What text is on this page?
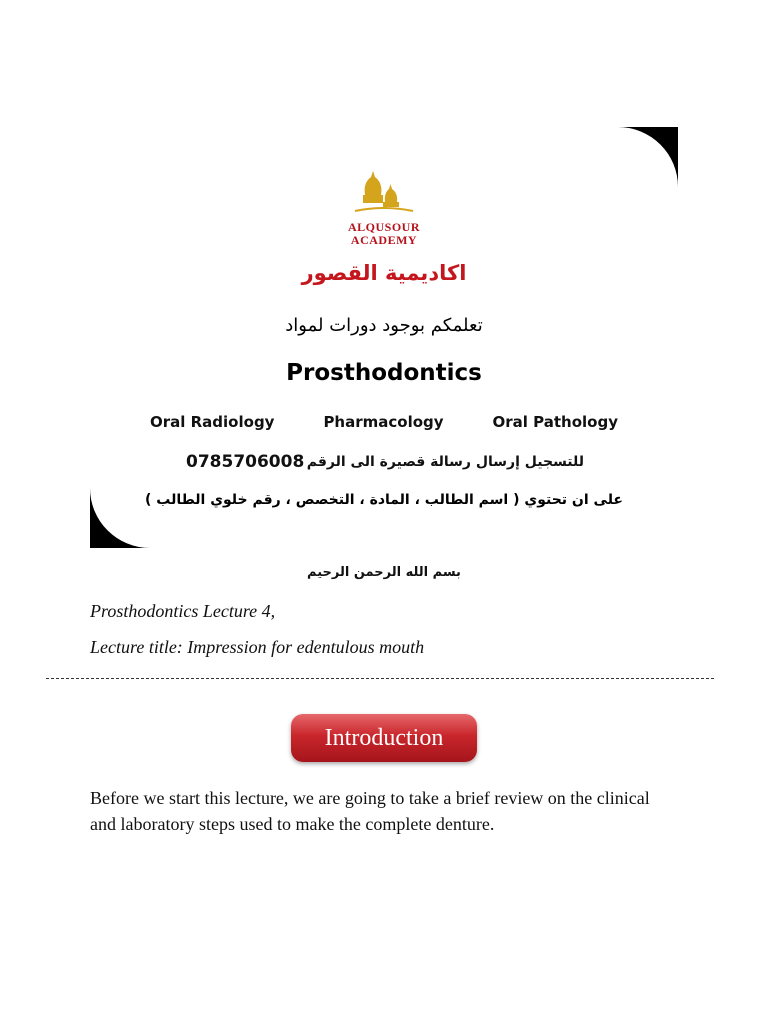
ALQUSOUR
ACADEMY
اكاديمية القصور
تعلمكم بوجود دورات لمواد
Prosthodontics
Oral Radiology	Pharmacology	Oral Pathology
0785706008 للتسجيل إرسال رسالة قصيرة الى الرقم
على ان تحتوي ( اسم الطالب ، المادة ، التخصص ، رقم خلوي الطالب )
بسم الله الرحمن الرحيم
Prosthodontics Lecture 4,
Lecture title: Impression for edentulous mouth
Introduction
Before we start this lecture, we are going to take a brief review on the clinical and laboratory steps used to make the complete denture.
